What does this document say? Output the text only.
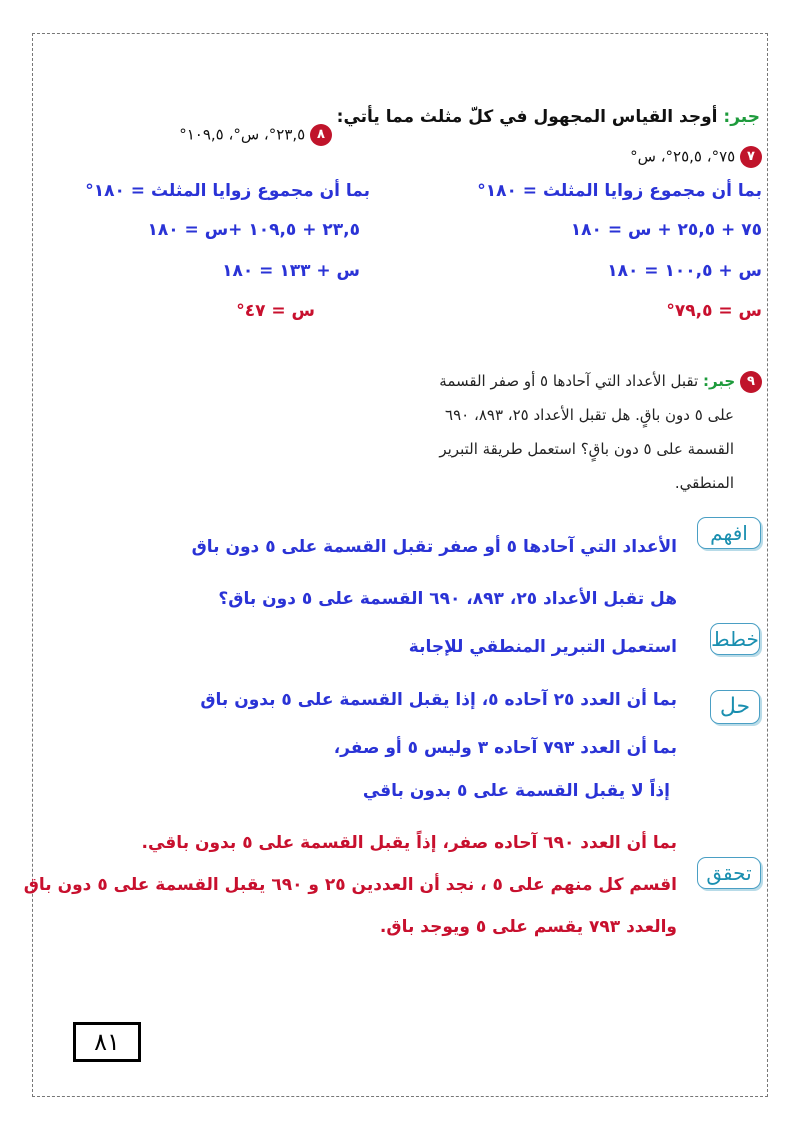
جبر: أوجد القياس المجهول في كلّ مثلث مما يأتي:
٧ ٧٥°، ٢٥,٥°، س°
بما أن مجموع زوايا المثلث = ١٨٠°
٧٥ + ٢٥,٥ + س = ١٨٠
س + ١٠٠,٥ = ١٨٠
س = ٧٩,٥°
٨ ٢٣,٥°، س°، ١٠٩,٥°
بما أن مجموع زوايا المثلث = ١٨٠°
٢٣,٥ + ١٠٩,٥ +س = ١٨٠
س + ١٣٣ = ١٨٠
س = ٤٧°
٩ جبر: تقبل الأعداد التي آحادها ٥ أو صفر القسمة
على ٥ دون باقٍ. هل تقبل الأعداد ٢٥، ٨٩٣، ٦٩٠
القسمة على ٥ دون باقٍ؟ استعمل طريقة التبرير
المنطقي.
افهم
الأعداد التي آحادها ٥ أو صفر تقبل القسمة على ٥ دون باق
هل تقبل الأعداد ٢٥، ٨٩٣، ٦٩٠ القسمة على ٥ دون باق؟
خطط
استعمل التبرير المنطقي للإجابة
حل
بما أن العدد ٢٥ آحاده ٥، إذا يقبل القسمة على ٥ بدون باق
بما أن العدد ٧٩٣ آحاده ٣ وليس ٥ أو صفر،
إذاً لا يقبل القسمة على ٥ بدون باقي
بما أن العدد ٦٩٠ آحاده صفر، إذاً يقبل القسمة على ٥ بدون باقي.
تحقق
اقسم كل منهم على ٥ ، نجد أن العددين ٢٥ و ٦٩٠ يقبل القسمة على ٥ دون باق
والعدد ٧٩٣ يقسم على ٥ ويوجد باق.
٨١
